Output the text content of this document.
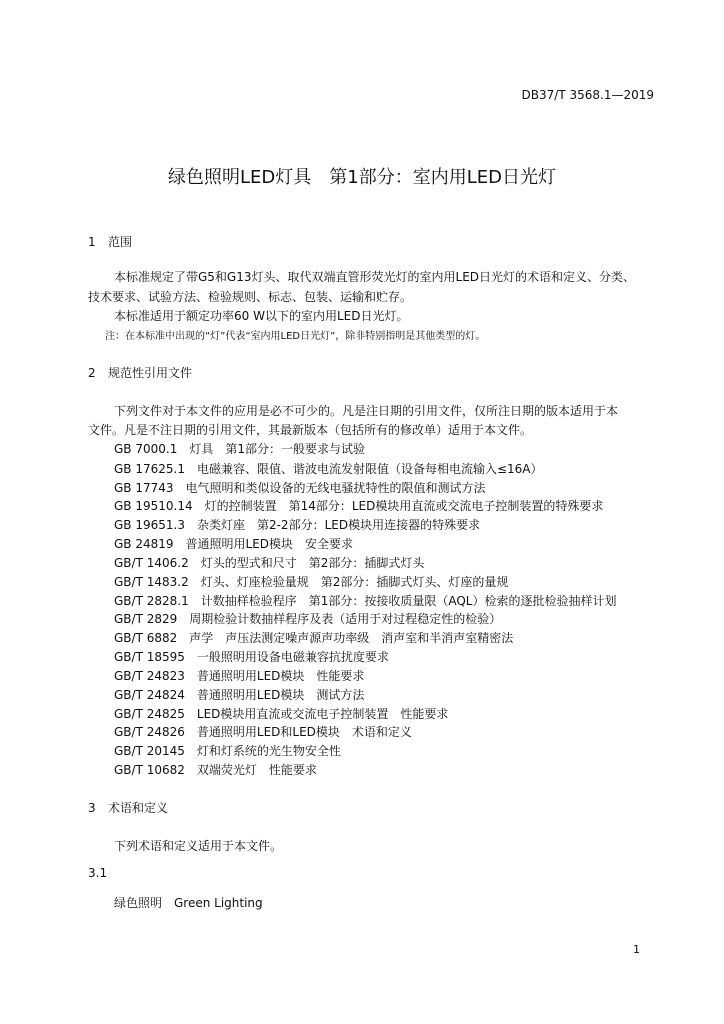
DB37/T 3568.1—2019
绿色照明LED灯具　第1部分：室内用LED日光灯
1 范围
本标准规定了带G5和G13灯头、取代双端直管形荧光灯的室内用LED日光灯的术语和定义、分类、
技术要求、试验方法、检验规则、标志、包装、运输和贮存。
本标准适用于额定功率60 W以下的室内用LED日光灯。
注：在本标准中出现的“灯”代表“室内用LED日光灯”，除非特别指明是其他类型的灯。
2 规范性引用文件
下列文件对于本文件的应用是必不可少的。凡是注日期的引用文件，仅所注日期的版本适用于本
文件。凡是不注日期的引用文件，其最新版本（包括所有的修改单）适用于本文件。
GB 7000.1　灯具　第1部分：一般要求与试验
GB 17625.1　电磁兼容、限值、谐波电流发射限值（设备每相电流输入≤16A）
GB 17743　电气照明和类似设备的无线电骚扰特性的限值和测试方法
GB 19510.14　灯的控制装置　第14部分：LED模块用直流或交流电子控制装置的特殊要求
GB 19651.3　杂类灯座　第2-2部分：LED模块用连接器的特殊要求
GB 24819　普通照明用LED模块　安全要求
GB/T 1406.2　灯头的型式和尺寸　第2部分：插脚式灯头
GB/T 1483.2　灯头、灯座检验量规　第2部分：插脚式灯头、灯座的量规
GB/T 2828.1　计数抽样检验程序　第1部分：按接收质量限（AQL）检索的逐批检验抽样计划
GB/T 2829　周期检验计数抽样程序及表（适用于对过程稳定性的检验）
GB/T 6882　声学　声压法测定噪声源声功率级　消声室和半消声室精密法
GB/T 18595　一般照明用设备电磁兼容抗扰度要求
GB/T 24823　普通照明用LED模块　性能要求
GB/T 24824　普通照明用LED模块　测试方法
GB/T 24825　LED模块用直流或交流电子控制装置　性能要求
GB/T 24826　普通照明用LED和LED模块　术语和定义
GB/T 20145　灯和灯系统的光生物安全性
GB/T 10682　双端荧光灯　性能要求
3 术语和定义
下列术语和定义适用于本文件。
3.1
绿色照明　Green Lighting
1
